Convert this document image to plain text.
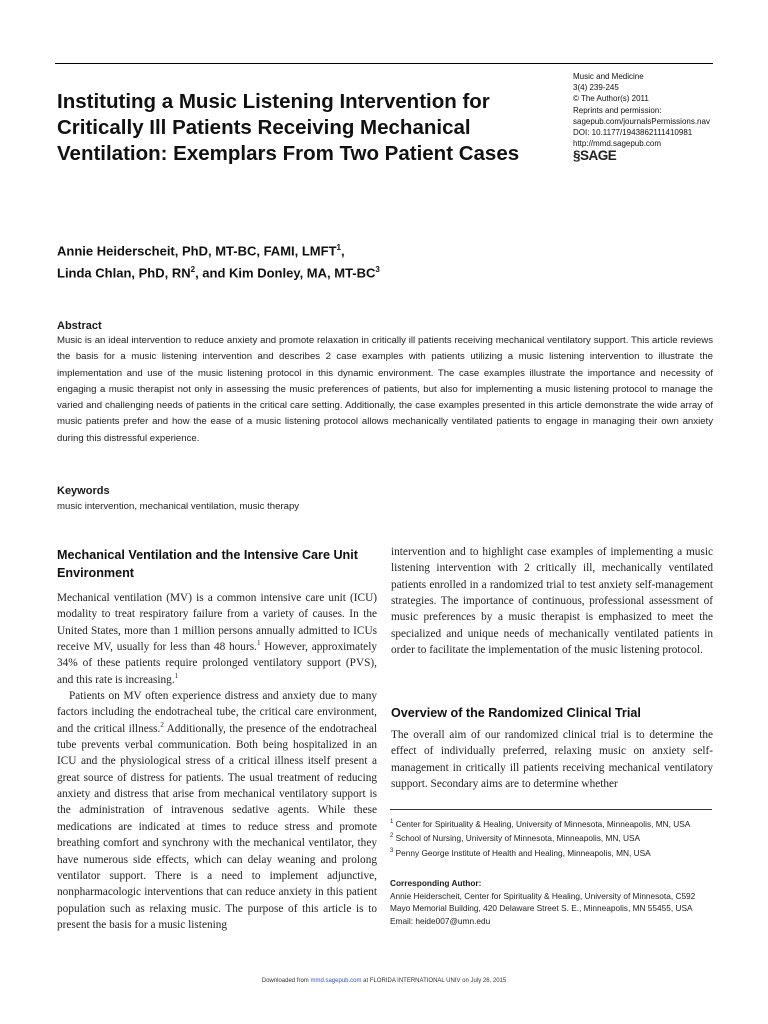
Instituting a Music Listening Intervention for Critically Ill Patients Receiving Mechanical Ventilation: Exemplars From Two Patient Cases
Music and Medicine
3(4) 239-245
© The Author(s) 2011
Reprints and permission:
sagepub.com/journalsPermissions.nav
DOI: 10.1177/1943862111410981
http://mmd.sagepub.com
§SAGE
Annie Heiderscheit, PhD, MT-BC, FAMI, LMFT$^1$,
Linda Chlan, PhD, $RN^2$, and Kim Donley, MA, $MT-BC^3$
Abstract
Music is an ideal intervention to reduce anxiety and promote relaxation in critically ill patients receiving mechanical ventilatory support. This article reviews the basis for a music listening intervention and describes 2 case examples with patients utilizing a music listening intervention to illustrate the implementation and use of the music listening protocol in this dynamic environment. The case examples illustrate the importance and necessity of engaging a music therapist not only in assessing the music preferences of patients, but also for implementing a music listening protocol to manage the varied and challenging needs of patients in the critical care setting. Additionally, the case examples presented in this article demonstrate the wide array of music patients prefer and how the ease of a music listening protocol allows mechanically ventilated patients to engage in managing their own anxiety during this distressful experience.
Keywords
music intervention, mechanical ventilation, music therapy
Mechanical Ventilation and the Intensive Care Unit Environment

Mechanical ventilation (MV) is a common intensive care unit (ICU) modality to treat respiratory failure from a variety of causes. In the United States, more than 1 million persons annually admitted to ICUs receive MV, usually for less than 48 hours.$^1$ However, approximately 34% of these patients require prolonged ventilatory support (PVS), and this rate is increasing.$^1$

Patients on MV often experience distress and anxiety due to many factors including the endotracheal tube, the critical care environment, and the critical illness.$^2$ Additionally, the presence of the endotracheal tube prevents verbal communication. Both being hospitalized in an ICU and the physiological stress of a critical illness itself present a great source of distress for patients. The usual treatment of reducing anxiety and distress that arise from mechanical ventilatory support is the administration of intravenous sedative agents. While these medications are indicated at times to reduce stress and promote breathing comfort and synchrony with the mechanical ventilator, they have numerous side effects, which can delay weaning and prolong ventilator support. There is a need to implement adjunctive, nonpharmacologic interventions that can reduce anxiety in this patient population such as relaxing music. The purpose of this article is to present the basis for a music listening

intervention and to highlight case examples of implementing a music listening intervention with 2 critically ill, mechanically ventilated patients enrolled in a randomized trial to test anxiety self-management strategies. The importance of continuous, professional assessment of music preferences by a music therapist is emphasized to meet the specialized and unique needs of mechanically ventilated patients in order to facilitate the implementation of the music listening protocol.

Overview of the Randomized Clinical Trial

The overall aim of our randomized clinical trial is to determine the effect of individually preferred, relaxing music on anxiety self-management in critically ill patients receiving mechanical ventilatory support. Secondary aims are to determine whether

$^1$ Center for Spirituality & Healing, University of Minnesota, Minneapolis, MN, USA
$^2$ School of Nursing, University of Minnesota, Minneapolis, MN, USA
$^3$ Penny George Institute of Health and Healing, Minneapolis, MN, USA
Corresponding Author:
Annie Heiderscheit, Center for Spirituality & Healing, University of Minnesota, C592 Mayo Memorial Building, 420 Delaware Street S. E., Minneapolis, MN 55455, USA
Email: heide007@umn.edu
Downloaded from mmd.sagepub.com at FLORIDA INTERNATIONAL UNIV on July 26, 2015
